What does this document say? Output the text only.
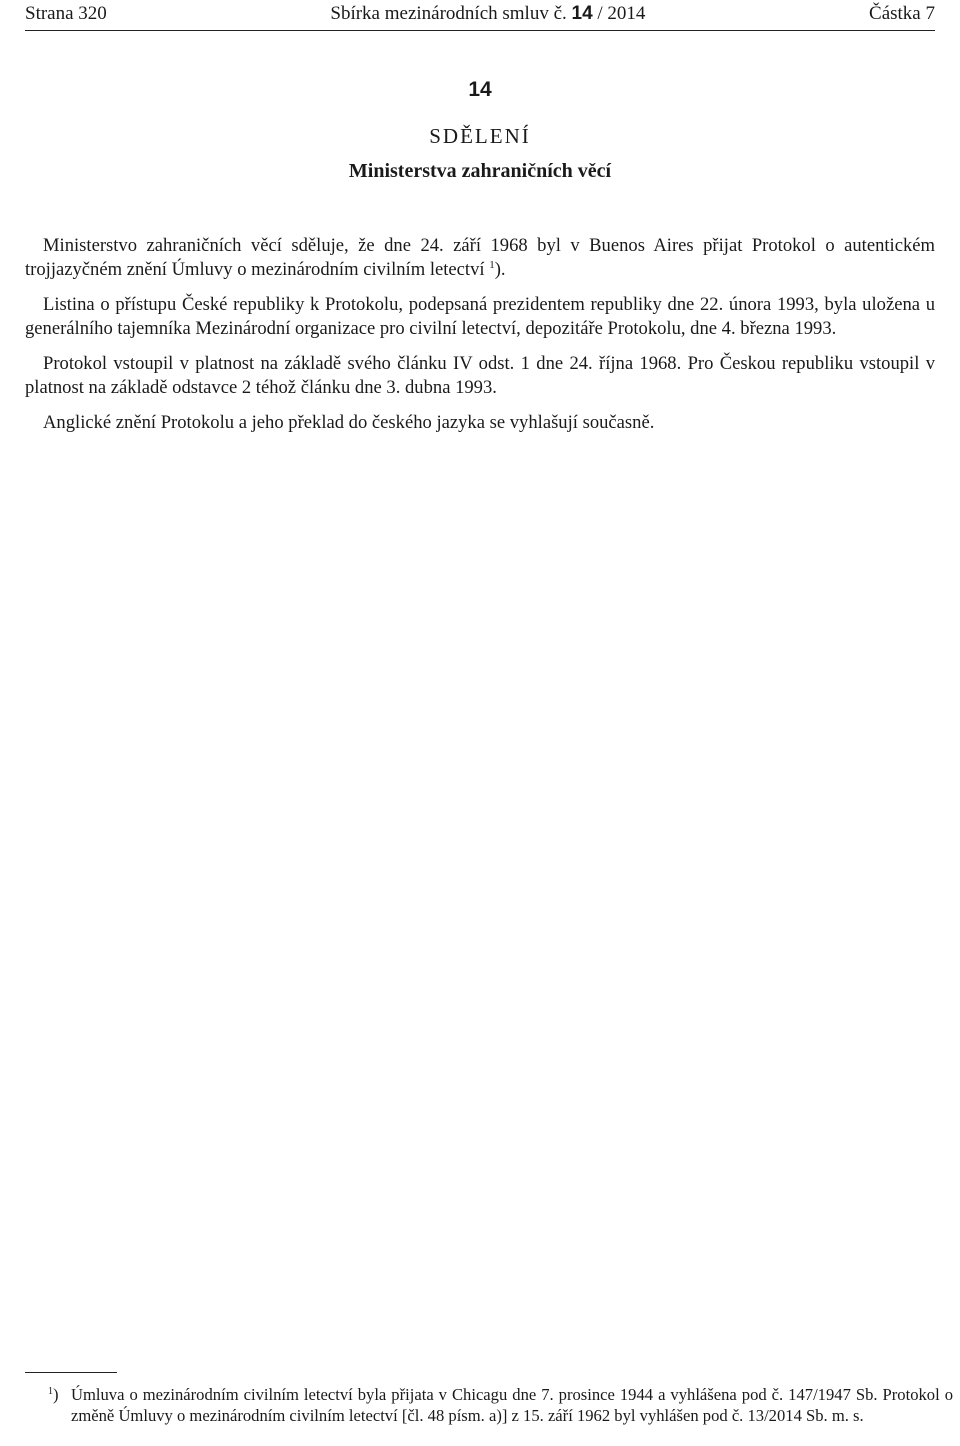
Strana 320	Sbírka mezinárodních smluv č. 14 / 2014	Částka 7
14
SDĚLENÍ
Ministerstva zahraničních věcí

Ministerstvo zahraničních věcí sděluje, že dne 24. září 1968 byl v Buenos Aires přijat Protokol o autentickém trojjazyčném znění Úmluvy o mezinárodním civilním letectví $^1$).

Listina o přístupu České republiky k Protokolu, podepsaná prezidentem republiky dne 22. února 1993, byla uložena u generálního tajemníka Mezinárodní organizace pro civilní letectví, depozitáře Protokolu, dne 4. března 1993.

Protokol vstoupil v platnost na základě svého článku IV odst. 1 dne 24. října 1968. Pro Českou republiku vstoupil v platnost na základě odstavce 2 téhož článku dne 3. dubna 1993.

Anglické znění Protokolu a jeho překlad do českého jazyka se vyhlašují současně.

$^1$) Úmluva o mezinárodním civilním letectví byla přijata v Chicagu dne 7. prosince 1944 a vyhlášena pod č. 147/1947 Sb. Protokol o změně Úmluvy o mezinárodním civilním letectví [čl. 48 písm. a)] z 15. září 1962 byl vyhlášen pod č. 13/2014 Sb. m. s.
